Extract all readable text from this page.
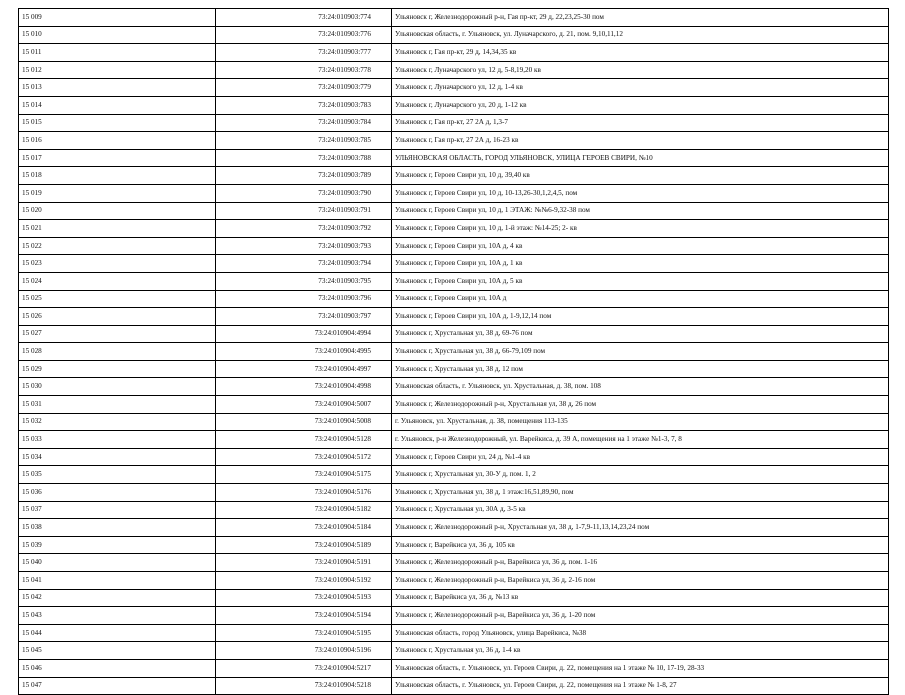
15 009	73:24:010903:774	Ульяновск г, Железнодорожный р-н, Гая пр-кт, 29 д, 22,23,25-30 пом
15 010	73:24:010903:776	Ульяновская область, г. Ульяновск, ул. Луначарского, д. 21, пом. 9,10,11,12
15 011	73:24:010903:777	Ульяновск г, Гая пр-кт, 29 д, 14,34,35 кв
15 012	73:24:010903:778	Ульяновск г, Луначарского ул, 12 д, 5-8,19,20 кв
15 013	73:24:010903:779	Ульяновск г, Луначарского ул, 12 д, 1-4 кв
15 014	73:24:010903:783	Ульяновск г, Луначарского ул, 20 д, 1-12 кв
15 015	73:24:010903:784	Ульяновск г, Гая пр-кт, 27 2А д, 1,3-7
15 016	73:24:010903:785	Ульяновск г, Гая пр-кт, 27 2А д, 16-23 кв
15 017	73:24:010903:788	УЛЬЯНОВСКАЯ ОБЛАСТЬ, ГОРОД УЛЬЯНОВСК, УЛИЦА ГЕРОЕВ СВИРИ, №10
15 018	73:24:010903:789	Ульяновск г, Героев Свири ул, 10 д, 39,40 кв
15 019	73:24:010903:790	Ульяновск г, Героев Свири ул, 10 д, 10-13,26-30,1,2,4,5, пом
15 020	73:24:010903:791	Ульяновск г, Героев Свири ул, 10 д, 1 ЭТАЖ: №№6-9,32-38 пом
15 021	73:24:010903:792	Ульяновск г, Героев Свири ул, 10 д, 1-й этаж: №14-25; 2- кв
15 022	73:24:010903:793	Ульяновск г, Героев Свири ул, 10А д, 4 кв
15 023	73:24:010903:794	Ульяновск г, Героев Свири ул, 10А д, 1 кв
15 024	73:24:010903:795	Ульяновск г, Героев Свири ул, 10А д, 5 кв
15 025	73:24:010903:796	Ульяновск г, Героев Свири ул, 10А д
15 026	73:24:010903:797	Ульяновск г, Героев Свири ул, 10А д, 1-9,12,14 пом
15 027	73:24:010904:4994	Ульяновск г, Хрустальная ул, 38 д, 69-76 пом
15 028	73:24:010904:4995	Ульяновск г, Хрустальная ул, 38 д, 66-79,109 пом
15 029	73:24:010904:4997	Ульяновск г, Хрустальная ул, 38 д, 12 пом
15 030	73:24:010904:4998	Ульяновская область, г. Ульяновск, ул. Хрустальная, д. 38, пом. 108
15 031	73:24:010904:5007	Ульяновск г, Железнодорожный р-н, Хрустальная ул, 38 д, 26 пом
15 032	73:24:010904:5008	г. Ульяновск, ул. Хрустальная, д. 38, помещения 113-135
15 033	73:24:010904:5128	г. Ульяновск, р-н Железнодорожный, ул. Варейкиса, д. 39 А, помещения на 1 этаже №1-3, 7, 8
15 034	73:24:010904:5172	Ульяновск г, Героев Свири ул, 24 д, №1-4 кв
15 035	73:24:010904:5175	Ульяновск г, Хрустальная ул, 30-У д, пом. 1, 2
15 036	73:24:010904:5176	Ульяновск г, Хрустальная ул, 38 д, 1 этаж:16,51,89,90, пом
15 037	73:24:010904:5182	Ульяновск г, Хрустальная ул, 30А д, 3-5 кв
15 038	73:24:010904:5184	Ульяновск г, Железнодорожный р-н, Хрустальная ул, 38 д, 1-7,9-11,13,14,23,24 пом
15 039	73:24:010904:5189	Ульяновск г, Варейкиса ул, 36 д, 105 кв
15 040	73:24:010904:5191	Ульяновск г, Железнодорожный р-н, Варейкиса ул, 36 д, пом. 1-16
15 041	73:24:010904:5192	Ульяновск г, Железнодорожный р-н, Варейкиса ул, 36 д, 2-16 пом
15 042	73:24:010904:5193	Ульяновск г, Варейкиса ул, 36 д, №13 кв
15 043	73:24:010904:5194	Ульяновск г, Железнодорожный р-н, Варейкиса ул, 36 д, 1-20 пом
15 044	73:24:010904:5195	Ульяновская область, город Ульяновск, улица Варейкиса, №38
15 045	73:24:010904:5196	Ульяновск г, Хрустальная ул, 36 д, 1-4 кв
15 046	73:24:010904:5217	Ульяновская область, г. Ульяновск, ул. Героев Свири, д. 22, помещения на 1 этаже № 10, 17-19, 28-33
15 047	73:24:010904:5218	Ульяновская область, г. Ульяновск, ул. Героев Свири, д. 22, помещения на 1 этаже № 1-8, 27
